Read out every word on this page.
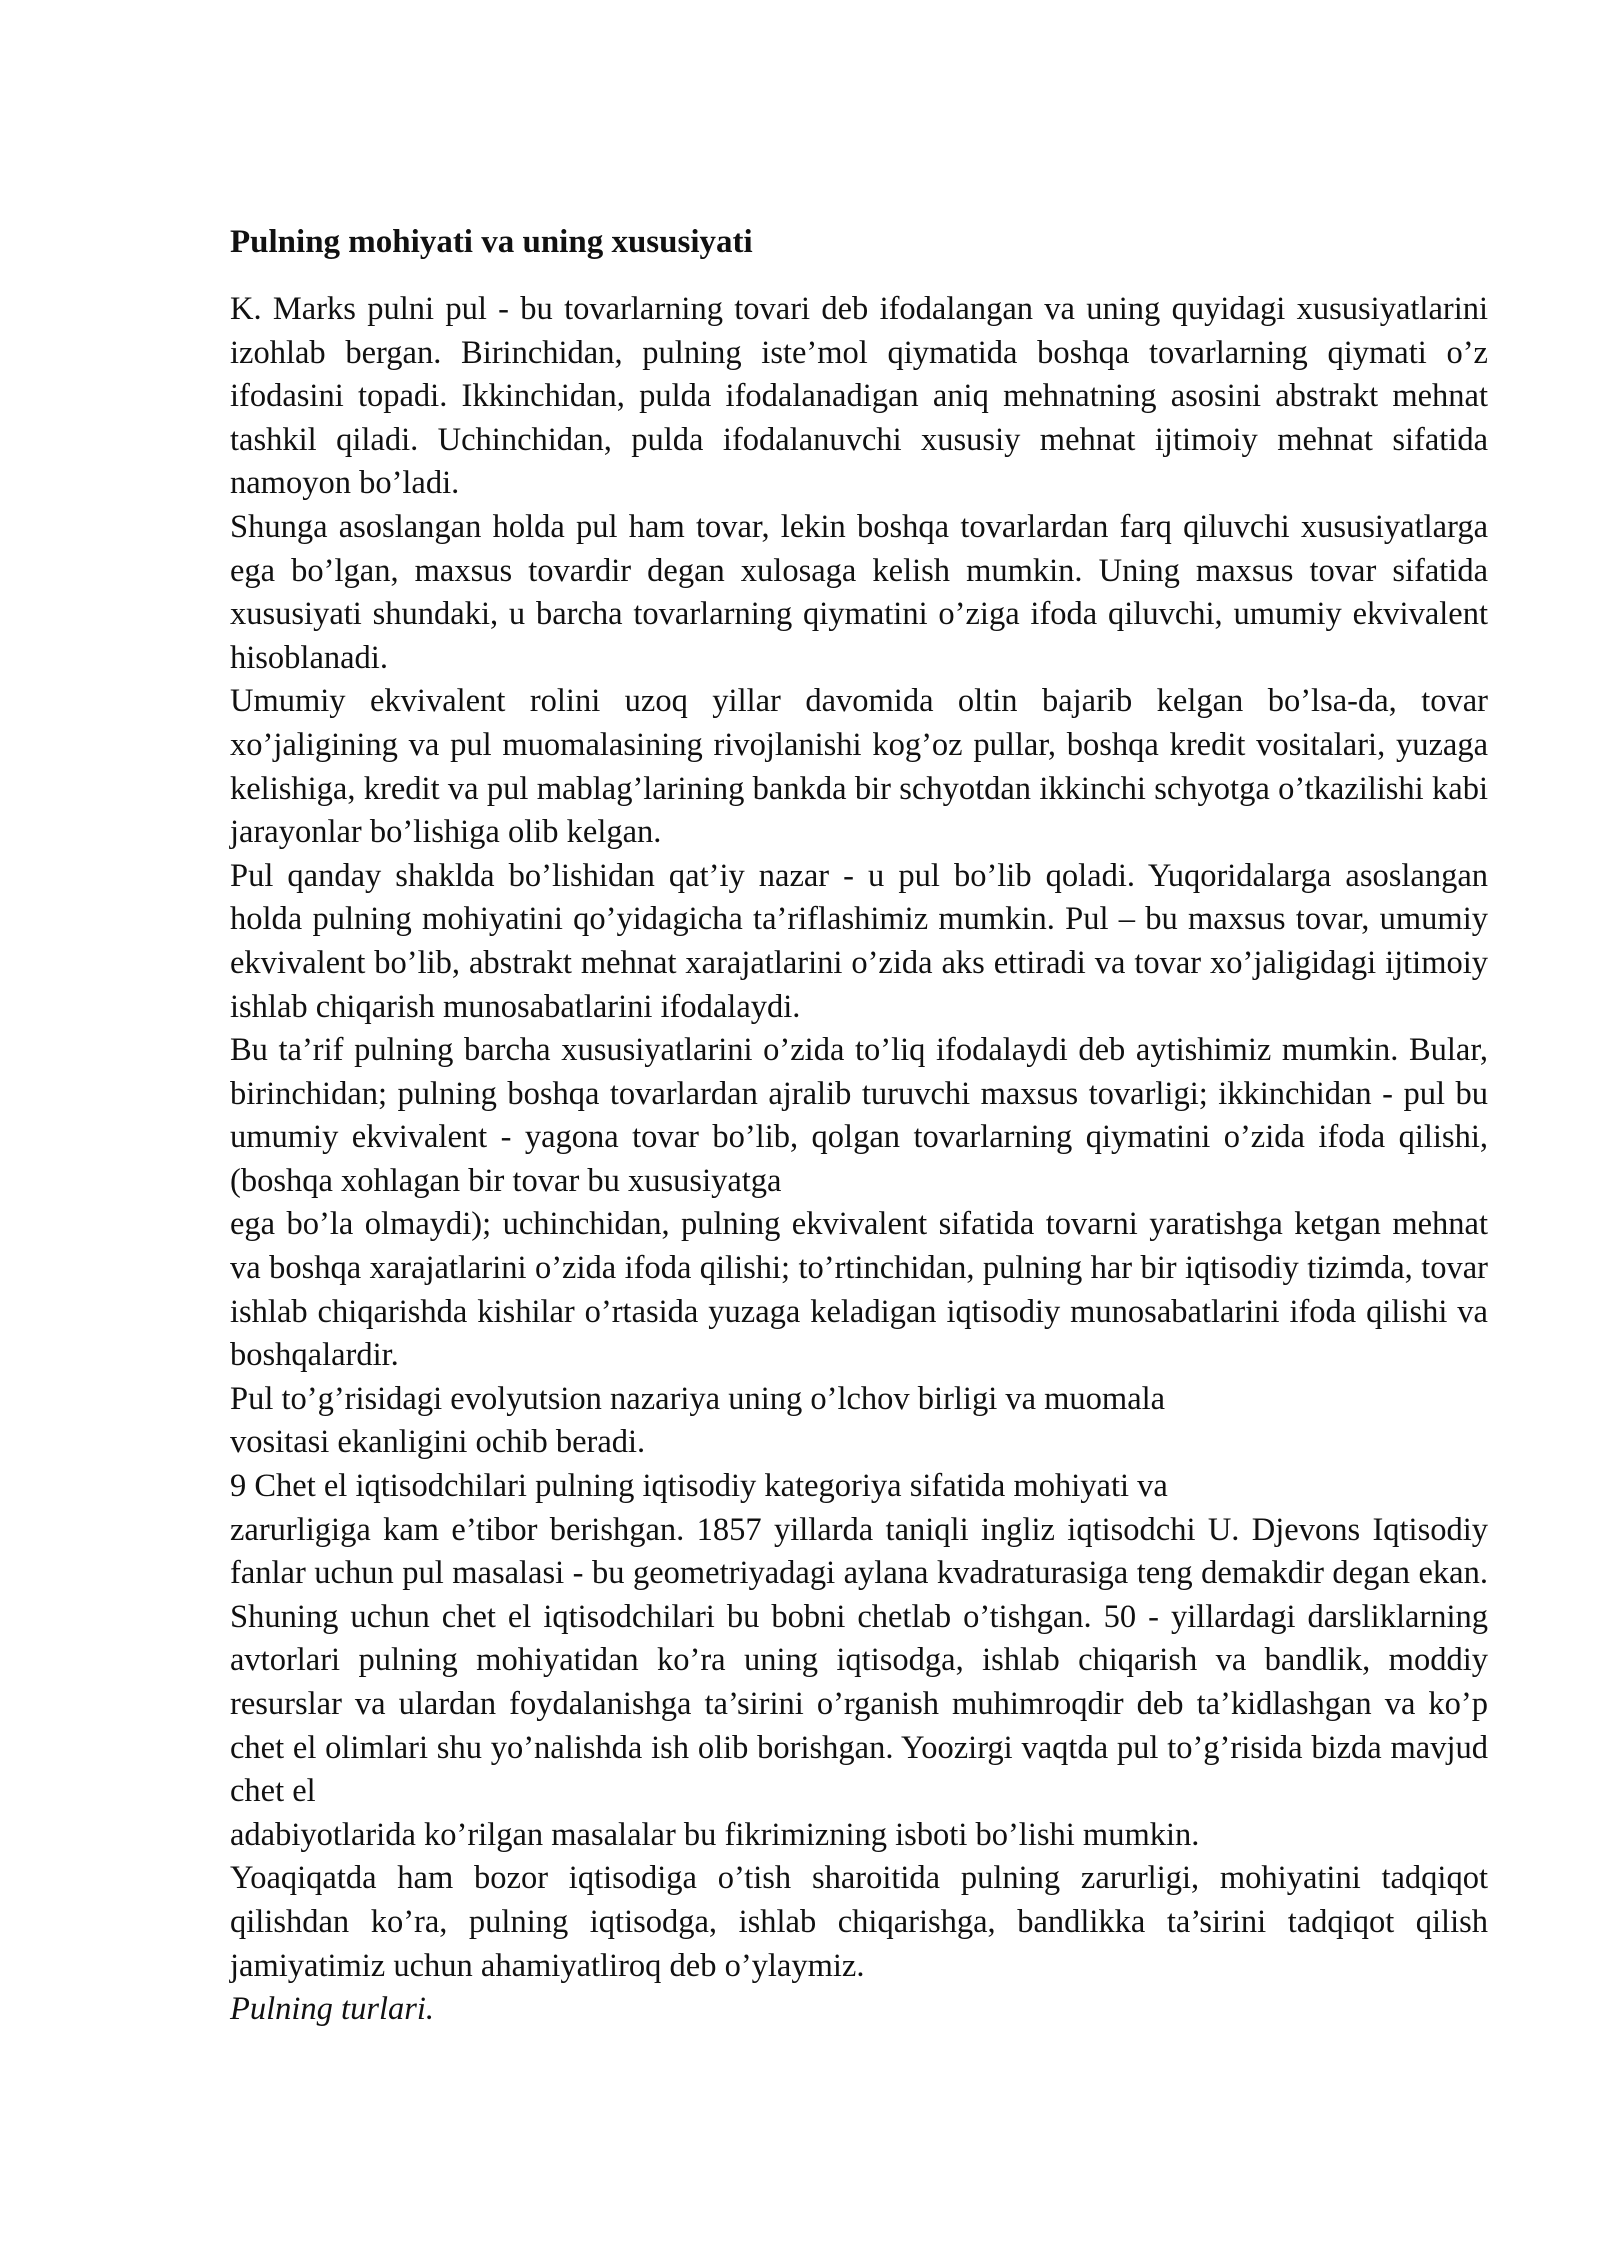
Pulning mohiyati va uning xususiyati

K. Marks pulni pul - bu tovarlarning tovari deb ifodalangan va uning quyidagi xususiyatlarini izohlab bergan. Birinchidan, pulning iste’mol qiymatida boshqa tovarlarning qiymati o’z ifodasini topadi. Ikkinchidan, pulda ifodalanadigan aniq mehnatning asosini abstrakt mehnat tashkil qiladi. Uchinchidan, pulda ifodalanuvchi xususiy mehnat ijtimoiy mehnat sifatida namoyon bo’ladi.

Shunga asoslangan holda pul ham tovar, lekin boshqa tovarlardan farq qiluvchi xususiyatlarga ega bo’lgan, maxsus tovardir degan xulosaga kelish mumkin. Uning maxsus tovar sifatida xususiyati shundaki, u barcha tovarlarning qiymatini o’ziga ifoda qiluvchi, umumiy ekvivalent hisoblanadi.

Umumiy ekvivalent rolini uzoq yillar davomida oltin bajarib kelgan bo’lsa-da, tovar xo’jaligining va pul muomalasining rivojlanishi kog’oz pullar, boshqa kredit vositalari, yuzaga kelishiga, kredit va pul mablag’larining bankda bir schyotdan ikkinchi schyotga o’tkazilishi kabi jarayonlar bo’lishiga olib kelgan.

Pul qanday shaklda bo’lishidan qat’iy nazar - u pul bo’lib qoladi. Yuqoridalarga asoslangan holda pulning mohiyatini qo’yidagicha ta’riflashimiz mumkin. Pul – bu maxsus tovar, umumiy ekvivalent bo’lib, abstrakt mehnat xarajatlarini o’zida aks ettiradi va tovar xo’jaligidagi ijtimoiy ishlab chiqarish munosabatlarini ifodalaydi.

Bu ta’rif pulning barcha xususiyatlarini o’zida to’liq ifodalaydi deb aytishimiz mumkin. Bular, birinchidan; pulning boshqa tovarlardan ajralib turuvchi maxsus tovarligi; ikkinchidan - pul bu umumiy ekvivalent - yagona tovar bo’lib, qolgan tovarlarning qiymatini o’zida ifoda qilishi, (boshqa xohlagan bir tovar bu xususiyatga

ega bo’la olmaydi); uchinchidan, pulning ekvivalent sifatida tovarni yaratishga ketgan mehnat va boshqa xarajatlarini o’zida ifoda qilishi; to’rtinchidan, pulning har bir iqtisodiy tizimda, tovar ishlab chiqarishda kishilar o’rtasida yuzaga keladigan iqtisodiy munosabatlarini ifoda qilishi va boshqalardir.

Pul to’g’risidagi evolyutsion nazariya uning o’lchov birligi va muomala

vositasi ekanligini ochib beradi.

9 Chet el iqtisodchilari pulning iqtisodiy kategoriya sifatida mohiyati va

zarurligiga kam e’tibor berishgan. 1857 yillarda taniqli ingliz iqtisodchi U. Djevons Iqtisodiy fanlar uchun pul masalasi - bu geometriyadagi aylana kvadraturasiga teng demakdir degan ekan. Shuning uchun chet el iqtisodchilari bu bobni chetlab o’tishgan. 50 - yillardagi darsliklarning avtorlari pulning mohiyatidan ko’ra uning iqtisodga, ishlab chiqarish va bandlik, moddiy resurslar va ulardan foydalanishga ta’sirini o’rganish muhimroqdir deb ta’kidlashgan va ko’p chet el olimlari shu yo’nalishda ish olib borishgan. Yoozirgi vaqtda pul to’g’risida bizda mavjud chet el

adabiyotlarida ko’rilgan masalalar bu fikrimizning isboti bo’lishi mumkin.

Yoaqiqatda ham bozor iqtisodiga o’tish sharoitida pulning zarurligi, mohiyatini tadqiqot qilishdan ko’ra, pulning iqtisodga, ishlab chiqarishga, bandlikka ta’sirini tadqiqot qilish jamiyatimiz uchun ahamiyatliroq deb o’ylaymiz.

Pulning turlari.
